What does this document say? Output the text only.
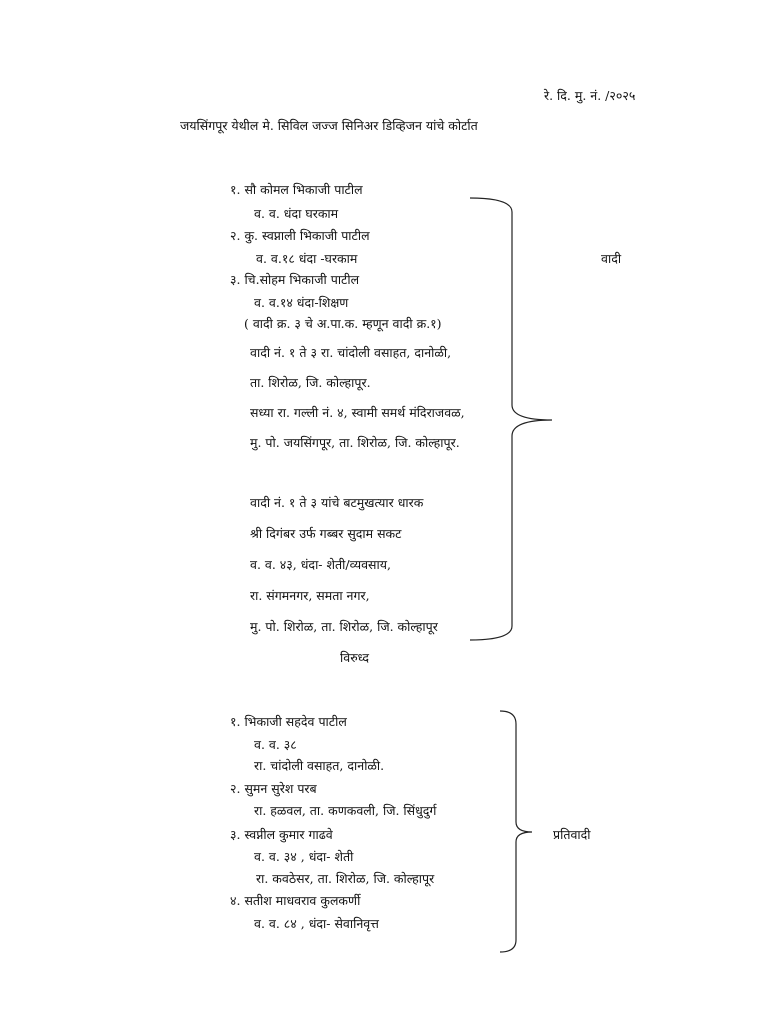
रे. दि. मु. नं. /२०२५
जयसिंगपूर येथील मे. सिविल जज्ज सिनिअर डिव्हिजन यांचे कोर्टात
१. सौ कोमल भिकाजी पाटील
व. व. धंदा घरकाम
२. कु. स्वप्नाली भिकाजी पाटील
व. व.१८ धंदा -घरकाम
३. चि.सोहम भिकाजी पाटील
व. व.१४ धंदा-शिक्षण
( वादी क्र. ३ चे अ.पा.क. म्हणून वादी क्र.१)
वादी नं. १ ते ३ रा. चांदोली वसाहत, दानोळी,
ता. शिरोळ, जि. कोल्हापूर.
सध्या रा. गल्ली नं. ४, स्वामी समर्थ मंदिराजवळ,
मु. पो. जयसिंगपूर, ता. शिरोळ, जि. कोल्हापूर.
वादी नं. १ ते ३ यांचे बटमुखत्यार धारक
श्री दिगंबर उर्फ गब्बर सुदाम सकट
व. व. ४३, धंदा- शेती/व्यवसाय,
रा. संगमनगर, समता नगर,
मु. पो. शिरोळ, ता. शिरोळ, जि. कोल्हापूर
वादी
विरुध्द
१. भिकाजी सहदेव पाटील
व. व. ३८
रा. चांदोली वसाहत, दानोळी.
२. सुमन सुरेश परब
रा. हळवल, ता. कणकवली, जि. सिंधुदुर्ग
३. स्वप्नील कुमार गाढवे
व. व. ३४ , धंदा- शेती
रा. कवठेसर, ता. शिरोळ, जि. कोल्हापूर
४. सतीश माधवराव कुलकर्णी
व. व. ८४ , धंदा- सेवानिवृत्त
प्रतिवादी
